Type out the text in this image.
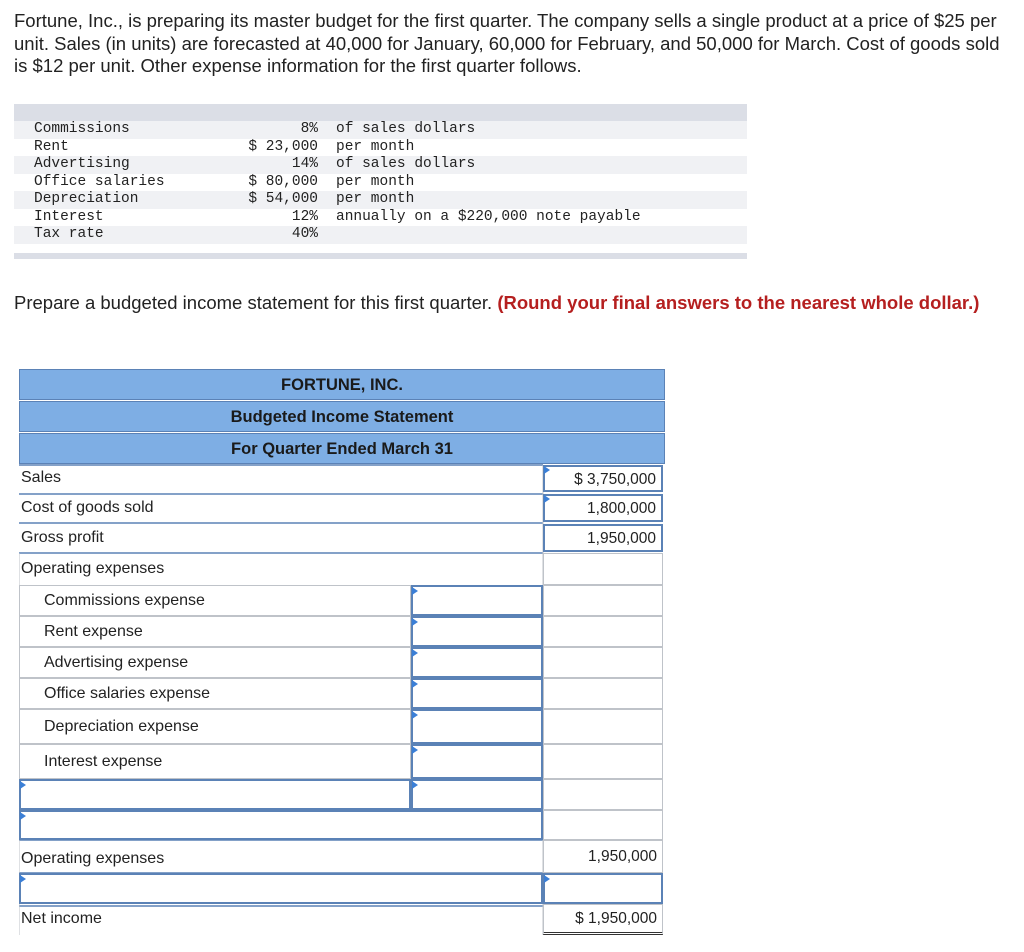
Fortune, Inc., is preparing its master budget for the first quarter. The company sells a single product at a price of $25 per unit. Sales (in units) are forecasted at 40,000 for January, 60,000 for February, and 50,000 for March. Cost of goods sold is $12 per unit. Other expense information for the first quarter follows.
Commissions	8% of sales dollars
Rent	$ 23,000 per month
Advertising	14% of sales dollars
Office salaries	$ 80,000 per month
Depreciation	$ 54,000 per month
Interest	12% annually on a $220,000 note payable
Tax rate	40%
Prepare a budgeted income statement for this first quarter. (Round your final answers to the nearest whole dollar.)
FORTUNE, INC.
Budgeted Income Statement
For Quarter Ended March 31
Sales	$ 3,750,000
Cost of goods sold	1,800,000
Gross profit	1,950,000
Operating expenses
Commissions expense
Rent expense
Advertising expense
Office salaries expense
Depreciation expense
Interest expense
Operating expenses	1,950,000
Net income	$ 1,950,000
